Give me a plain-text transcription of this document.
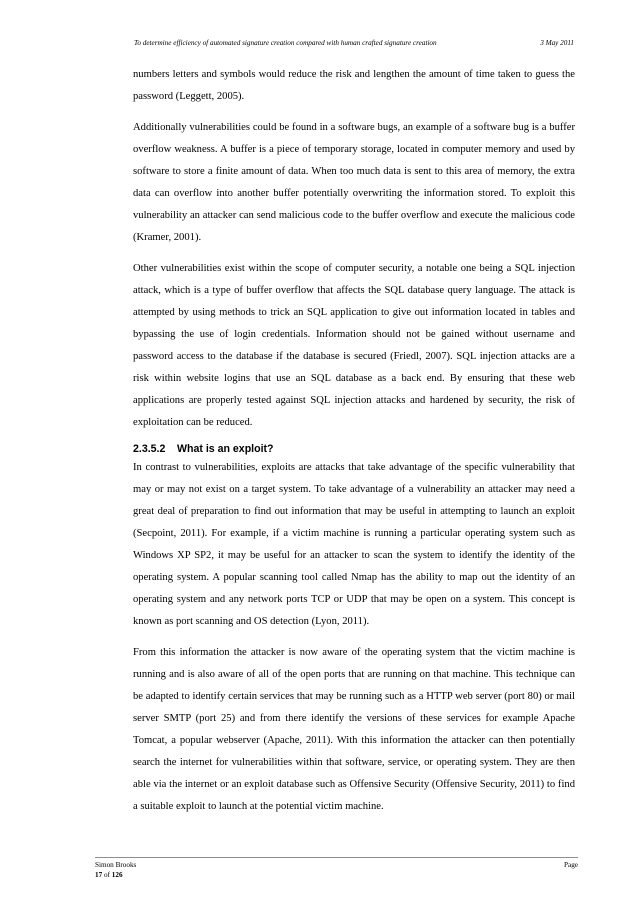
To determine efficiency of automated signature creation compared with human crafted signature creation	3 May 2011

numbers letters and symbols would reduce the risk and lengthen the amount of time taken to guess the password (Leggett, 2005).

Additionally vulnerabilities could be found in a software bugs, an example of a software bug is a buffer overflow weakness. A buffer is a piece of temporary storage, located in computer memory and used by software to store a finite amount of data. When too much data is sent to this area of memory, the extra data can overflow into another buffer potentially overwriting the information stored. To exploit this vulnerability an attacker can send malicious code to the buffer overflow and execute the malicious code (Kramer, 2001).

Other vulnerabilities exist within the scope of computer security, a notable one being a SQL injection attack, which is a type of buffer overflow that affects the SQL database query language. The attack is attempted by using methods to trick an SQL application to give out information located in tables and bypassing the use of login credentials. Information should not be gained without username and password access to the database if the database is secured (Friedl, 2007). SQL injection attacks are a risk within website logins that use an SQL database as a back end. By ensuring that these web applications are properly tested against SQL injection attacks and hardened by security, the risk of exploitation can be reduced.

2.3.5.2 What is an exploit?

In contrast to vulnerabilities, exploits are attacks that take advantage of the specific vulnerability that may or may not exist on a target system. To take advantage of a vulnerability an attacker may need a great deal of preparation to find out information that may be useful in attempting to launch an exploit (Secpoint, 2011). For example, if a victim machine is running a particular operating system such as Windows XP SP2, it may be useful for an attacker to scan the system to identify the identity of the operating system. A popular scanning tool called Nmap has the ability to map out the identity of an operating system and any network ports TCP or UDP that may be open on a system. This concept is known as port scanning and OS detection (Lyon, 2011).

From this information the attacker is now aware of the operating system that the victim machine is running and is also aware of all of the open ports that are running on that machine. This technique can be adapted to identify certain services that may be running such as a HTTP web server (port 80) or mail server SMTP (port 25) and from there identify the versions of these services for example Apache Tomcat, a popular webserver (Apache, 2011). With this information the attacker can then potentially search the internet for vulnerabilities within that software, service, or operating system. They are then able via the internet or an exploit database such as Offensive Security (Offensive Security, 2011) to find a suitable exploit to launch at the potential victim machine.

Simon Brooks
17 of 126
Page
